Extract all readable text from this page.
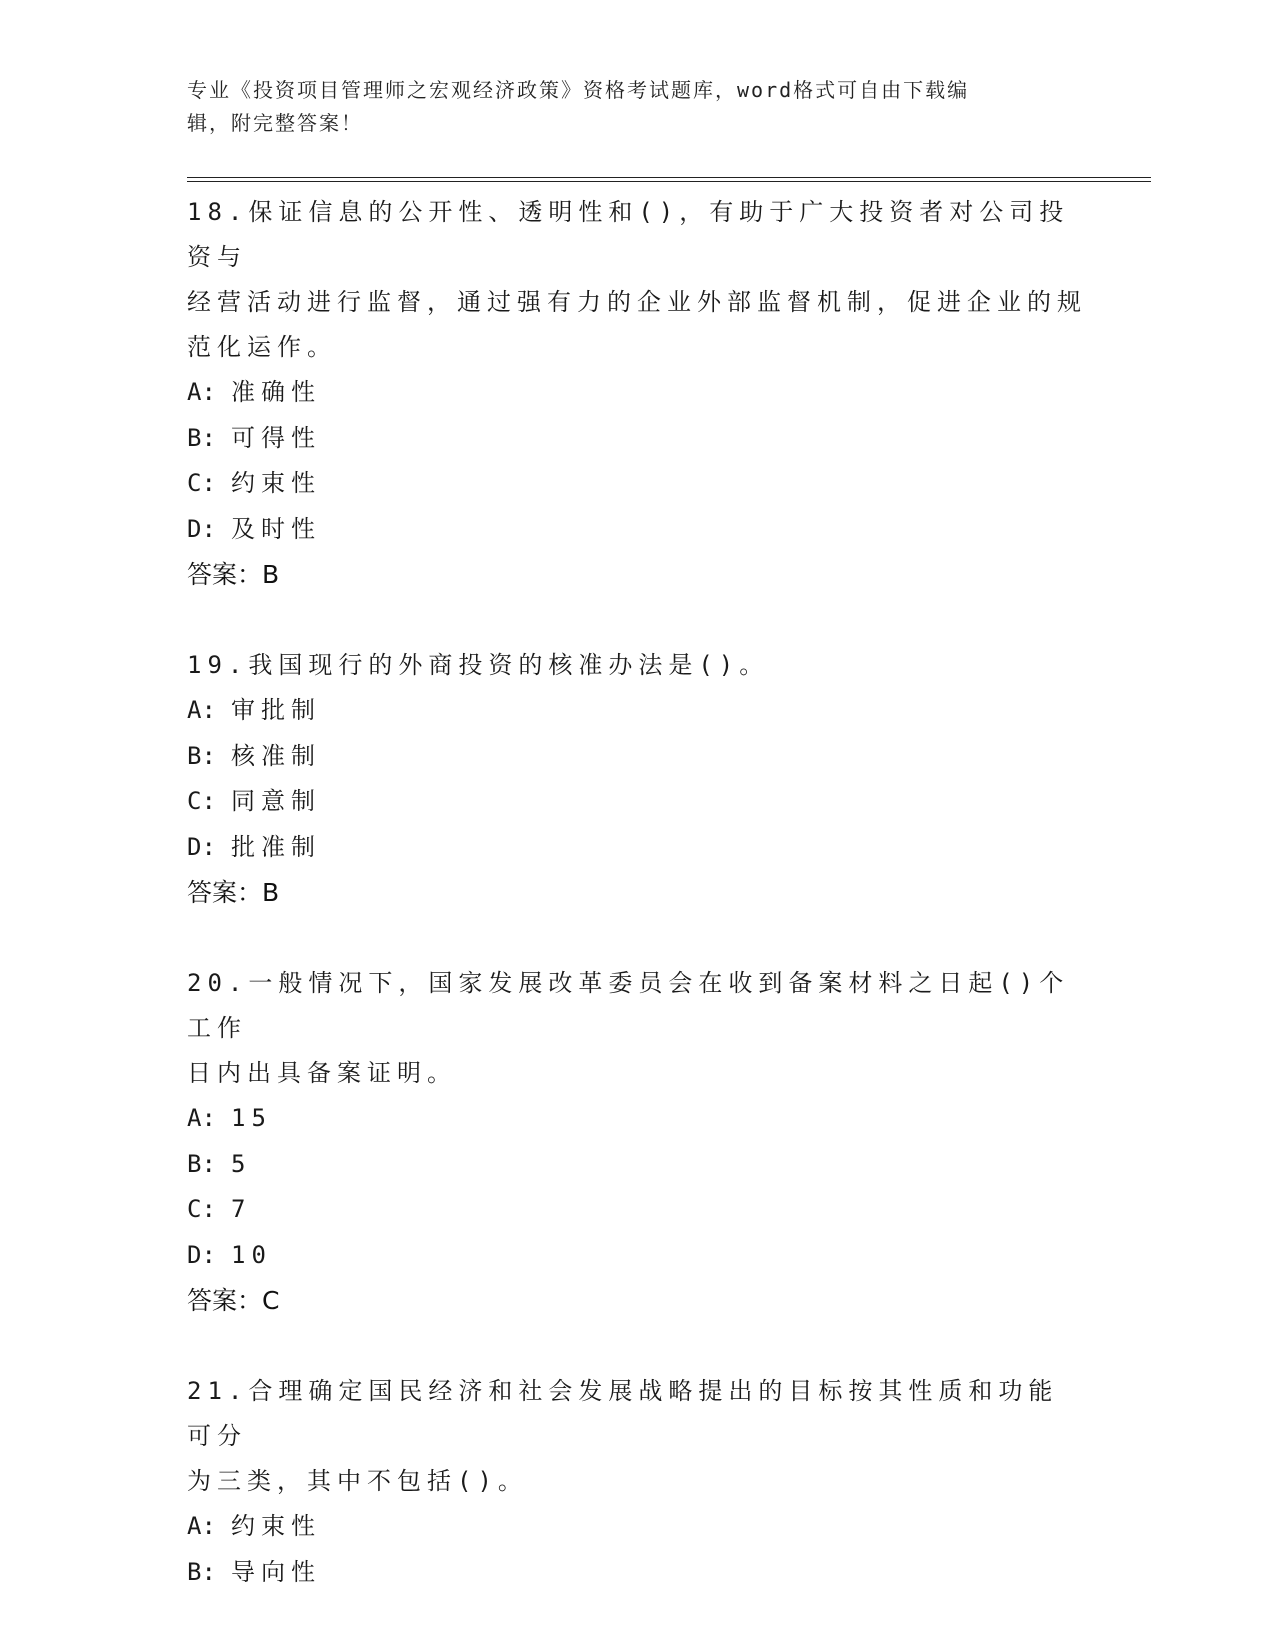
专业《投资项目管理师之宏观经济政策》资格考试题库，word格式可自由下载编
辑，附完整答案！

18.保证信息的公开性、透明性和()，有助于广大投资者对公司投资与

经营活动进行监督，通过强有力的企业外部监督机制，促进企业的规

范化运作。

A: 准确性
B: 可得性
C: 约束性
D: 及时性
答案：B

19.我国现行的外商投资的核准办法是()。

A: 审批制
B: 核准制
C: 同意制
D: 批准制
答案：B

20.一般情况下，国家发展改革委员会在收到备案材料之日起()个工作

日内出具备案证明。

A: 15
B: 5
C: 7
D: 10
答案：C

21.合理确定国民经济和社会发展战略提出的目标按其性质和功能可分

为三类，其中不包括()。

A: 约束性
B: 导向性
